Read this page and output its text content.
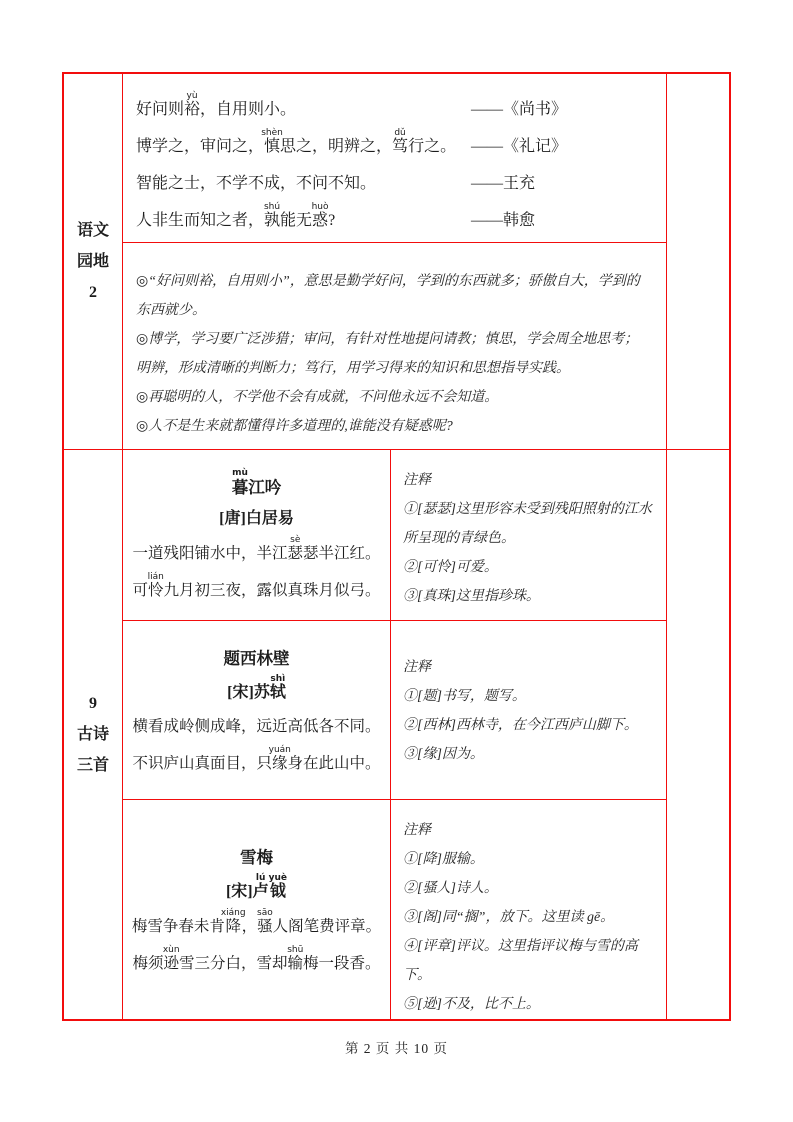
语文
园地
2
好问则裕yù，自用则小。	——《尚书》
博学之，审问之，慎shèn思之，明辨之，笃dǔ行之。 ——《礼记》
智能之士，不学不成，不问不知。	——王充
人非生而知之者，孰shú能无惑huò?	——韩愈

◎“好问则裕，自用则小”，意思是勤学好问，学到的东西就多；骄傲自大，学到的东西就少。

◎博学，学习要广泛涉猎；审问，有针对性地提问请教；慎思，学会周全地思考；明辨，形成清晰的判断力；笃行，用学习得来的知识和思想指导实践。

◎再聪明的人，不学他不会有成就，不问他永远不会知道。

◎人不是生来就都懂得许多道理的,谁能没有疑惑呢?

9
古诗
三首
暮mù江吟
[唐]白居易
一道残阳铺水中，半江瑟sè瑟半江红。
可怜lián九月初三夜，露似真珠月似弓。

注释

①[瑟瑟]这里形容未受到残阳照射的江水所呈现的青绿色。

②[可怜]可爱。

③[真珠]这里指珍珠。

题西林壁
[宋]苏轼shì
横看成岭侧成峰，远近高低各不同。
不识庐山真面目，只缘yuán身在此山中。

注释

①[题]书写，题写。

②[西林]西林寺，在今江西庐山脚下。

③[缘]因为。

雪梅
[宋]卢lú钺yuè
梅雪争春未肯降xiáng，骚sāo人阁笔费评章。
梅须逊xùn雪三分白，雪却输shū梅一段香。

注释

①[降]服输。

②[骚人]诗人。

③[阁]同“搁”，放下。这里读 gē。

④[评章]评议。这里指评议梅与雪的高下。

⑤[逊]不及，比不上。

第 2 页 共 10 页
